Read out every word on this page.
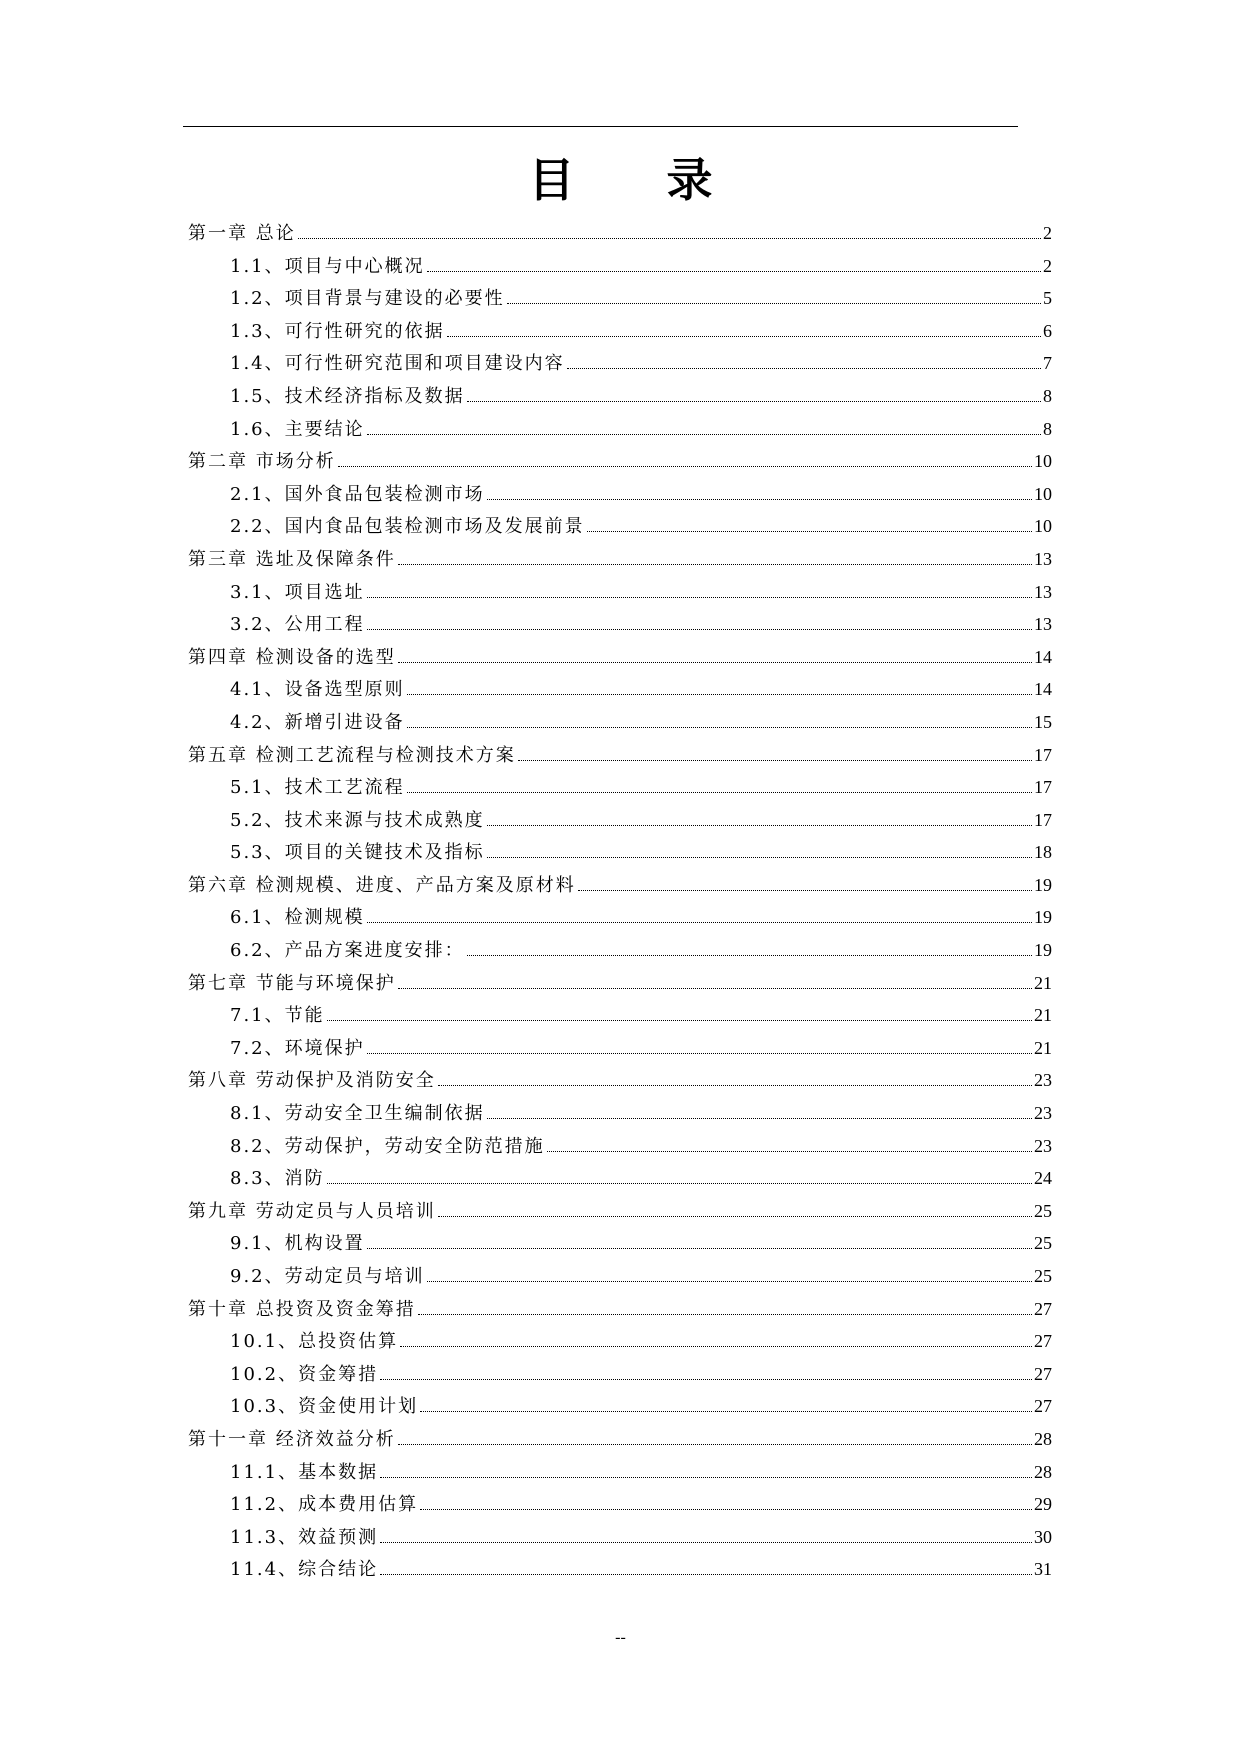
目 录
第一章 总论	2
1.1、项目与中心概况	2
1.2、项目背景与建设的必要性	5
1.3、可行性研究的依据	6
1.4、可行性研究范围和项目建设内容	7
1.5、技术经济指标及数据	8
1.6、主要结论	8
第二章 市场分析	10
2.1、国外食品包装检测市场	10
2.2、国内食品包装检测市场及发展前景	10
第三章 选址及保障条件	13
3.1、项目选址	13
3.2、公用工程	13
第四章 检测设备的选型	14
4.1、设备选型原则	14
4.2、新增引进设备	15
第五章 检测工艺流程与检测技术方案	17
5.1、技术工艺流程	17
5.2、技术来源与技术成熟度	17
5.3、项目的关键技术及指标	18
第六章 检测规模、进度、产品方案及原材料	19
6.1、检测规模	19
6.2、产品方案进度安排：	19
第七章 节能与环境保护	21
7.1、节能	21
7.2、环境保护	21
第八章 劳动保护及消防安全	23
8.1、劳动安全卫生编制依据	23
8.2、劳动保护，劳动安全防范措施	23
8.3、消防	24
第九章 劳动定员与人员培训	25
9.1、机构设置	25
9.2、劳动定员与培训	25
第十章 总投资及资金筹措	27
10.1、总投资估算	27
10.2、资金筹措	27
10.3、资金使用计划	27
第十一章 经济效益分析	28
11.1、基本数据	28
11.2、成本费用估算	29
11.3、效益预测	30
11.4、综合结论	31
--
